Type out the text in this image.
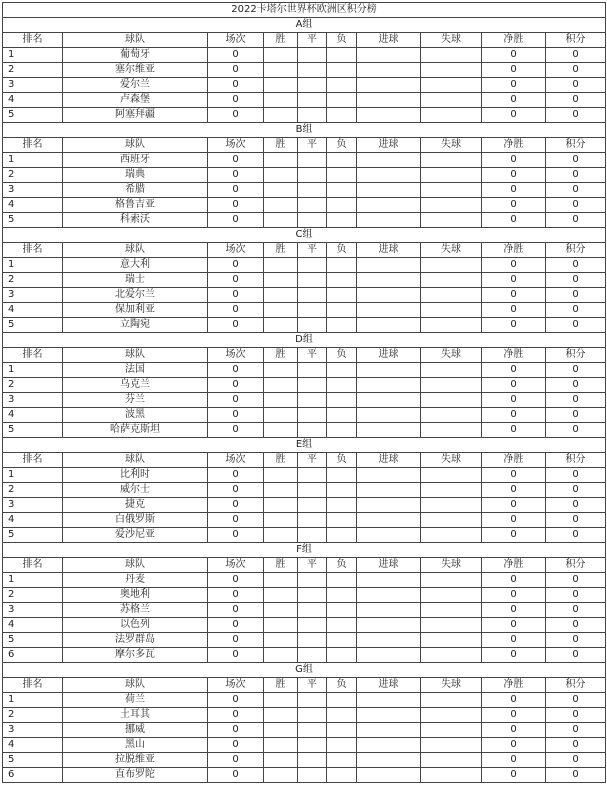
2022卡塔尔世界杯欧洲区积分榜									
A组									
排名	球队	场次	胜	平	负	进球	失球	净胜	积分
1	葡萄牙	0						0	0
2	塞尔维亚	0						0	0
3	爱尔兰	0						0	0
4	卢森堡	0						0	0
5	阿塞拜疆	0						0	0
B组									
排名	球队	场次	胜	平	负	进球	失球	净胜	积分
1	西班牙	0						0	0
2	瑞典	0						0	0
3	希腊	0						0	0
4	格鲁吉亚	0						0	0
5	科索沃	0						0	0
C组									
排名	球队	场次	胜	平	负	进球	失球	净胜	积分
1	意大利	0						0	0
2	瑞士	0						0	0
3	北爱尔兰	0						0	0
4	保加利亚	0						0	0
5	立陶宛	0						0	0
D组									
排名	球队	场次	胜	平	负	进球	失球	净胜	积分
1	法国	0						0	0
2	乌克兰	0						0	0
3	芬兰	0						0	0
4	波黑	0						0	0
5	哈萨克斯坦	0						0	0
E组									
排名	球队	场次	胜	平	负	进球	失球	净胜	积分
1	比利时	0						0	0
2	威尔士	0						0	0
3	捷克	0						0	0
4	白俄罗斯	0						0	0
5	爱沙尼亚	0						0	0
F组									
排名	球队	场次	胜	平	负	进球	失球	净胜	积分
1	丹麦	0						0	0
2	奥地利	0						0	0
3	苏格兰	0						0	0
4	以色列	0						0	0
5	法罗群岛	0						0	0
6	摩尔多瓦	0						0	0
G组									
排名	球队	场次	胜	平	负	进球	失球	净胜	积分
1	荷兰	0						0	0
2	土耳其	0						0	0
3	挪威	0						0	0
4	黑山	0						0	0
5	拉脱维亚	0						0	0
6	直布罗陀	0						0	0
